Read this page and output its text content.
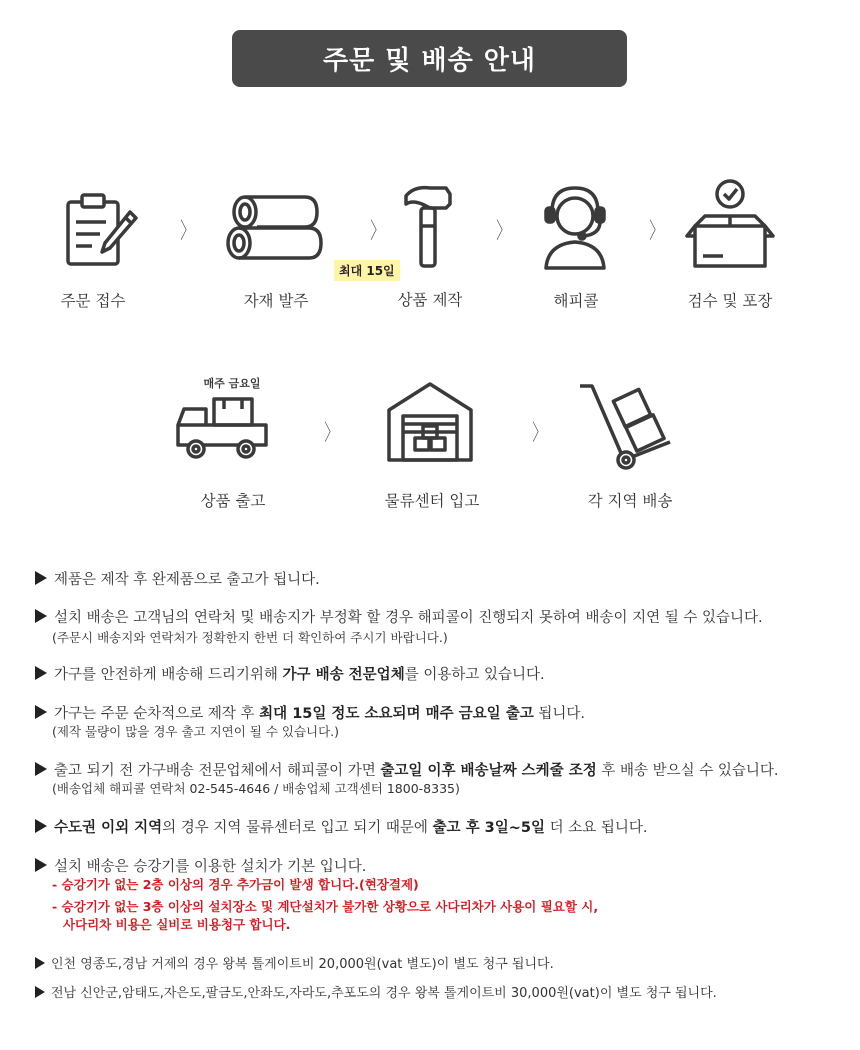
주문 및 배송 안내
주문 접수
〉
자재 발주
〉
최대 15일
상품 제작
〉
해피콜
〉
검수 및 포장
매주 금요일
상품 출고
〉
물류센터 입고
〉
각 지역 배송
제품은 제작 후 완제품으로 출고가 됩니다.
설치 배송은 고객님의 연락처 및 배송지가 부정확 할 경우 해피콜이 진행되지 못하여 배송이 지연 될 수 있습니다.
(주문시 배송지와 연락처가 정확한지 한번 더 확인하여 주시기 바랍니다.)
가구를 안전하게 배송해 드리기위해 가구 배송 전문업체를 이용하고 있습니다.
가구는 주문 순차적으로 제작 후 최대 15일 정도 소요되며 매주 금요일 출고 됩니다.
(제작 물량이 많을 경우 출고 지연이 될 수 있습니다.)
출고 되기 전 가구배송 전문업체에서 해피콜이 가면 출고일 이후 배송날짜 스케줄 조정 후 배송 받으실 수 있습니다.
(배송업체 해피콜 연락처 02-545-4646 / 배송업체 고객센터 1800-8335)
수도권 이외 지역의 경우 지역 물류센터로 입고 되기 때문에 출고 후 3일~5일 더 소요 됩니다.
설치 배송은 승강기를 이용한 설치가 기본 입니다.
- 승강기가 없는 2층 이상의 경우 추가금이 발생 합니다.(현장결제)
- 승강기가 없는 3층 이상의 설치장소 및 계단설치가 불가한 상황으로 사다리차가 사용이 필요할 시,
사다리차 비용은 실비로 비용청구 합니다.
인천 영종도,경남 거제의 경우 왕복 톨게이트비 20,000원(vat 별도)이 별도 청구 됩니다.
전남 신안군,암태도,자은도,팔금도,안좌도,자라도,추포도의 경우 왕복 톨게이트비 30,000원(vat)이 별도 청구 됩니다.
